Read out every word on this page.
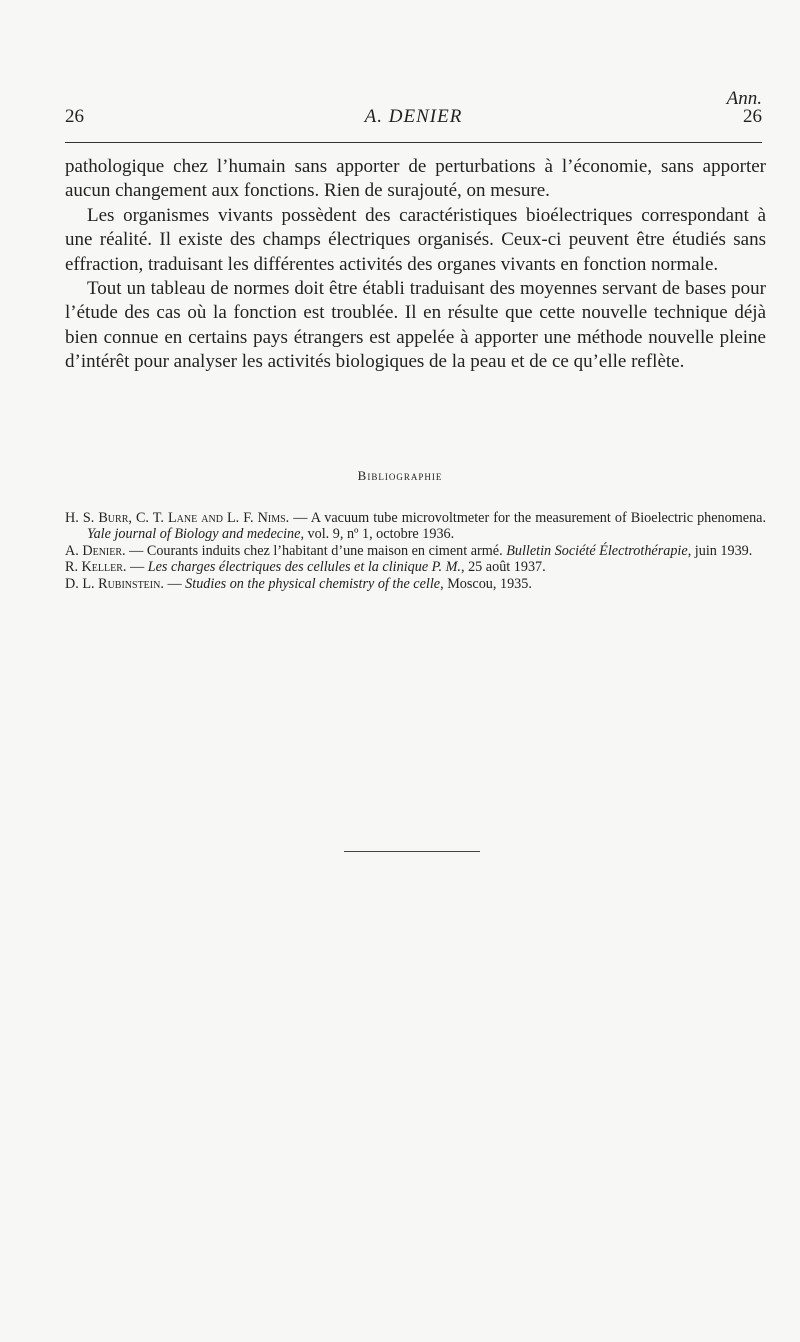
Ann.
26	A. DENIER	26

pathologique chez l’humain sans apporter de perturbations à l’économie, sans apporter aucun changement aux fonctions. Rien de surajouté, on mesure.

Les organismes vivants possèdent des caractéristiques bioélectriques correspondant à une réalité. Il existe des champs électriques organisés. Ceux-ci peuvent être étudiés sans effraction, traduisant les différentes activités des organes vivants en fonction normale.

Tout un tableau de normes doit être établi traduisant des moyennes servant de bases pour l’étude des cas où la fonction est troublée. Il en résulte que cette nouvelle technique déjà bien connue en certains pays étrangers est appelée à apporter une méthode nouvelle pleine d’intérêt pour analyser les activités biologiques de la peau et de ce qu’elle reflète.

Bibliographie

H. S. Burr, C. T. Lane and L. F. Nims. — A vacuum tube microvoltmeter for the measurement of Bioelectric phenomena. Yale journal of Biology and medecine, vol. 9, nº 1, octobre 1936.

A. Denier. — Courants induits chez l’habitant d’une maison en ciment armé. Bulletin Société Électrothérapie, juin 1939.

R. Keller. — Les charges électriques des cellules et la clinique P. M., 25 août 1937.

D. L. Rubinstein. — Studies on the physical chemistry of the celle, Moscou, 1935.
